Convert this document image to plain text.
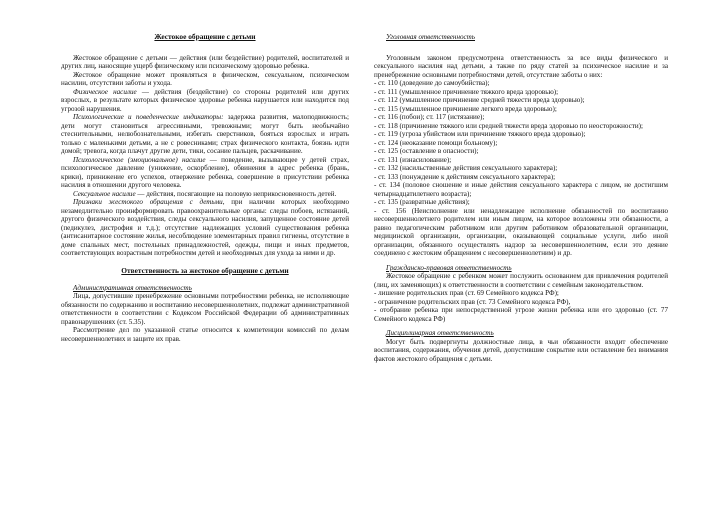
Жестокое обращение с детьми

Жестокое обращение с детьми — действия (или бездействие) родителей, воспитателей и других лиц, наносящие ущерб физическому или психическому здоровью ребенка.

Жестокое обращение может проявляться в физическом, сексуальном, психическом насилии, отсутствии заботы и ухода.

Физическое насилие — действия (бездействие) со стороны родителей или других взрослых, в результате которых физическое здоровье ребенка нарушается или находится под угрозой нарушения.

Психологические и поведенческие индикаторы: задержка развития, малоподвижность; дети могут становиться агрессивными, тревожными; могут быть необычайно стеснительными, нелюбознательными, избегать сверстников, бояться взрослых и играть только с маленькими детьми, а не с ровесниками; страх физического контакта, боязнь идти домой; тревога, когда плачут другие дети, тики, сосание пальцев, раскачивание.

Психологическое (эмоциональное) насилие — поведение, вызывающее у детей страх, психологическое давление (унижение, оскорбление), обвинения в адрес ребенка (брань, крики), принижение его успехов, отвержение ребенка, совершение в присутствии ребенка насилия в отношении другого человека.

Сексуальное насилие — действия, посягающие на половую неприкосновенность детей.

Признаки жестокого обращения с детьми, при наличии которых необходимо незамедлительно проинформировать правоохранительные органы: следы побоев, истязаний, другого физического воздействия, следы сексуального насилия, запущенное состояние детей (педикулез, дистрофия и т.д.); отсутствие надлежащих условий существования ребенка (антисанитарное состояние жилья, несоблюдение элементарных правил гигиены, отсутствие в доме спальных мест, постельных принадлежностей, одежды, пищи и иных предметов, соответствующих возрастным потребностям детей и необходимых для ухода за ними и др.

Ответственность за жестокое обращение с детьми

Административная ответственность

Лица, допустившие пренебрежение основными потребностями ребенка, не исполняющие обязанности по содержанию и воспитанию несовершеннолетних, подлежат административной ответственности в соответствии с Кодексом Российской Федерации об административных правонарушениях (ст. 5.35).

Рассмотрение дел по указанной статье относится к компетенции комиссий по делам несовершеннолетних и защите их прав.

Уголовная ответственность

Уголовным законом предусмотрена ответственность за все виды физического и сексуального насилия над детьми, а также по ряду статей за психическое насилие и за пренебрежение основными потребностями детей, отсутствие заботы о них:

- ст. 110 (доведение до самоубийства);

- ст. 111 (умышленное причинение тяжкого вреда здоровью);

- ст. 112 (умышленное причинение средней тяжести вреда здоровью);

- ст. 115 (умышленное причинение легкого вреда здоровью);

- ст. 116 (побои); ст. 117 (истязание);

- ст. 118 (причинение тяжкого или средней тяжести вреда здоровью по неосторожности);

- ст. 119 (угроза убийством или причинение тяжкого вреда здоровью);

- ст. 124 (неоказание помощи больному);

- ст. 125 (оставление в опасности);

- ст. 131 (изнасилование);

- ст. 132 (насильственные действия сексуального характера);

- ст. 133 (понуждение к действиям сексуального характера);

- ст. 134 (половое сношение и иные действия сексуального характера с лицом, не достигшим четырнадцатилетнего возраста);

- ст. 135 (развратные действия);

- ст. 156 (Неисполнение или ненадлежащее исполнение обязанностей по воспитанию несовершеннолетнего родителем или иным лицом, на которое возложены эти обязанности, а равно педагогическим работником или другим работником образовательной организации, медицинской организации, организации, оказывающей социальные услуги, либо иной организации, обязанного осуществлять надзор за несовершеннолетним, если это деяние соединено с жестоким обращением с несовершеннолетним) и др.

Гражданско-правовая ответственность

Жестокое обращение с ребенком может послужить основанием для привлечения родителей (лиц, их заменяющих) к ответственности в соответствии с семейным законодательством.

- лишение родительских прав (ст. 69 Семейного кодекса РФ);

- ограничение родительских прав (ст. 73 Семейного кодекса РФ),

- отобрание ребенка при непосредственной угрозе жизни ребенка или его здоровью (ст. 77 Семейного кодекса РФ)

Дисциплинарная ответственность

Могут быть подвергнуты должностные лица, в чьи обязанности входит обеспечение воспитания, содержания, обучения детей, допустившие сокрытие или оставление без внимания фактов жестокого обращения с детьми.
